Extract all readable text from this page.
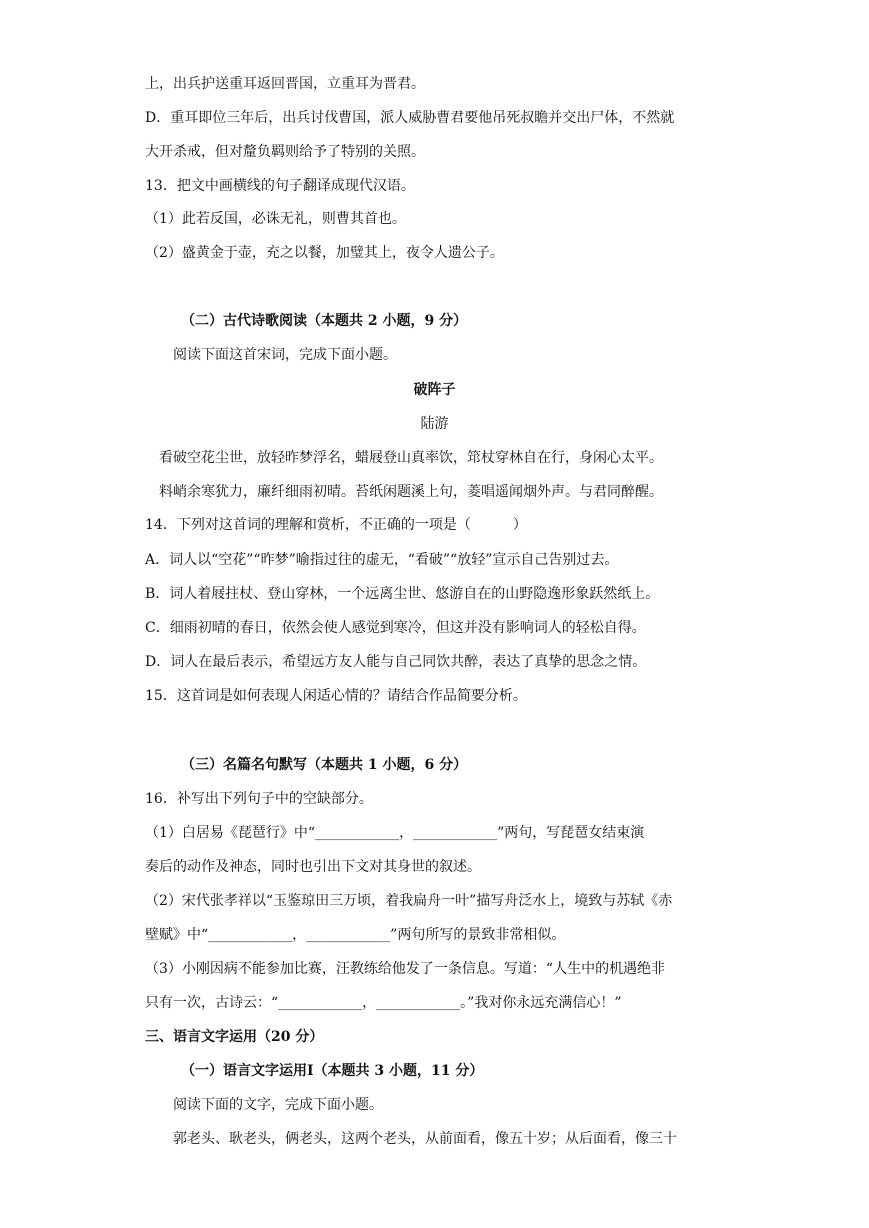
上，出兵护送重耳返回晋国，立重耳为晋君。
D．重耳即位三年后，出兵讨伐曹国，派人威胁曹君要他吊死叔瞻并交出尸体，不然就
大开杀戒，但对釐负羁则给予了特别的关照。
13．把文中画横线的句子翻译成现代汉语。
（1）此若反国，必诛无礼，则曹其首也。
（2）盛黄金于壶，充之以餐，加璧其上，夜令人遗公子。
（二）古代诗歌阅读（本题共 2 小题，9 分）
阅读下面这首宋词，完成下面小题。
破阵子
陆游
看破空花尘世，放轻昨梦浮名，蜡屐登山真率饮，筇杖穿林自在行，身闲心太平。
料峭余寒犹力，廉纤细雨初晴。苔纸闲题溪上句，菱唱遥闻烟外声。与君同醉醒。
14．下列对这首词的理解和赏析，不正确的一项是（　　　）
A．词人以“空花”“昨梦”喻指过往的虚无，“看破”“放轻”宣示自己告别过去。
B．词人着屐拄杖、登山穿林，一个远离尘世、悠游自在的山野隐逸形象跃然纸上。
C．细雨初晴的春日，依然会使人感觉到寒冷，但这并没有影响词人的轻松自得。
D．词人在最后表示，希望远方友人能与自己同饮共醉，表达了真挚的思念之情。
15．这首词是如何表现人闲适心情的？请结合作品简要分析。
（三）名篇名句默写（本题共 1 小题，6 分）
16．补写出下列句子中的空缺部分。
（1）白居易《琵琶行》中“____________，____________”两句，写琵琶女结束演
奏后的动作及神态，同时也引出下文对其身世的叙述。
（2）宋代张孝祥以“玉鉴琼田三万顷，着我扁舟一叶”描写舟泛水上，境致与苏轼《赤
壁赋》中“____________，____________”两句所写的景致非常相似。
（3）小刚因病不能参加比赛，汪教练给他发了一条信息。写道：“人生中的机遇绝非
只有一次，古诗云：“____________，____________。”我对你永远充满信心！”
三、语言文字运用（20 分）
（一）语言文字运用Ⅰ（本题共 3 小题，11 分）
阅读下面的文字，完成下面小题。
郭老头、耿老头，俩老头，这两个老头，从前面看，像五十岁；从后面看，像三十
